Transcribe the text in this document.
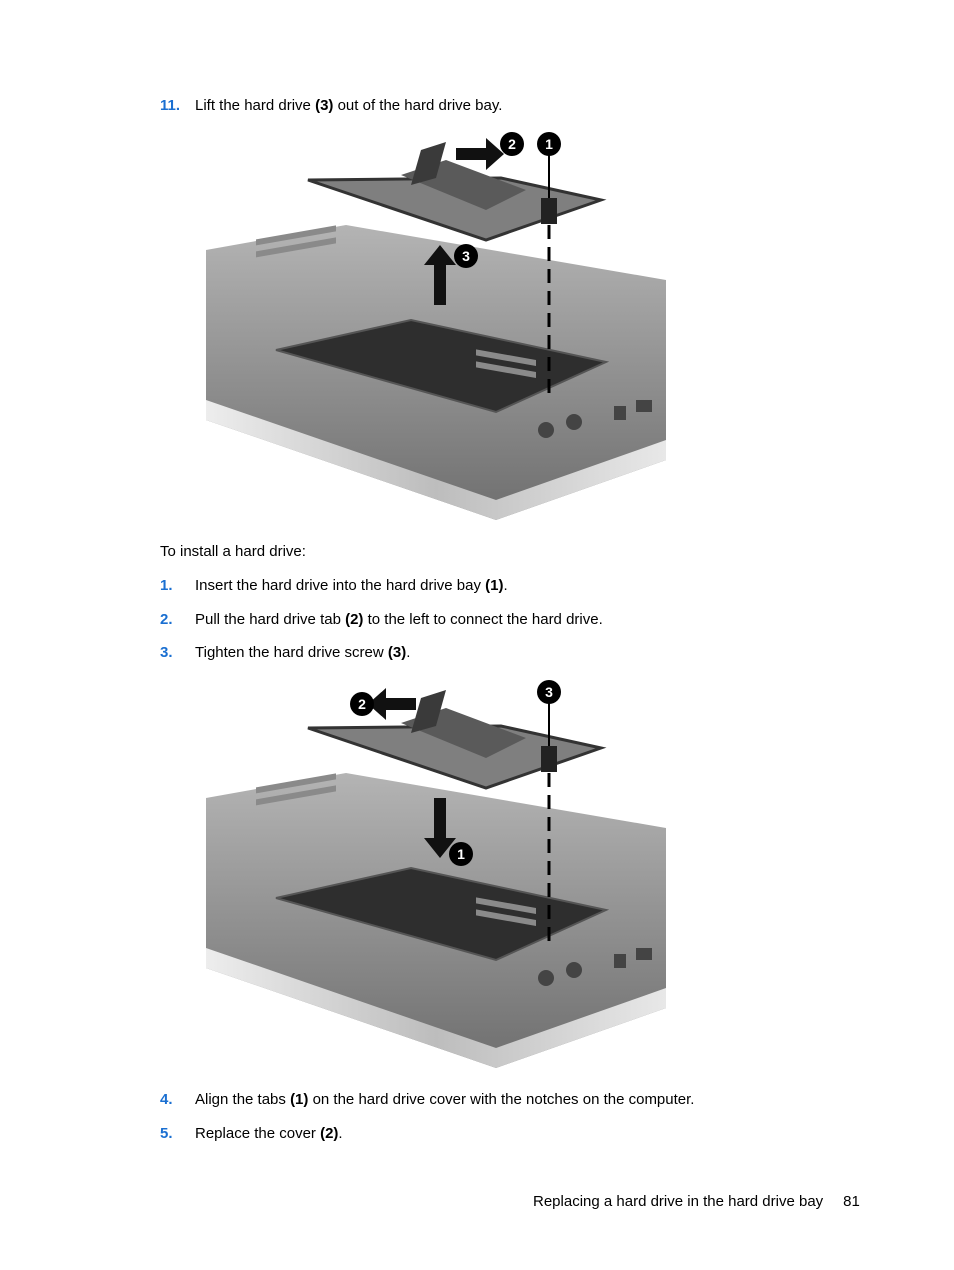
11. Lift the hard drive (3) out of the hard drive bay.
2 1
3
To install a hard drive:
1. Insert the hard drive into the hard drive bay (1).
2. Pull the hard drive tab (2) to the left to connect the hard drive.
3. Tighten the hard drive screw (3).
2
3
1
4. Align the tabs (1) on the hard drive cover with the notches on the computer.
5. Replace the cover (2).
Replacing a hard drive in the hard drive bay 81
